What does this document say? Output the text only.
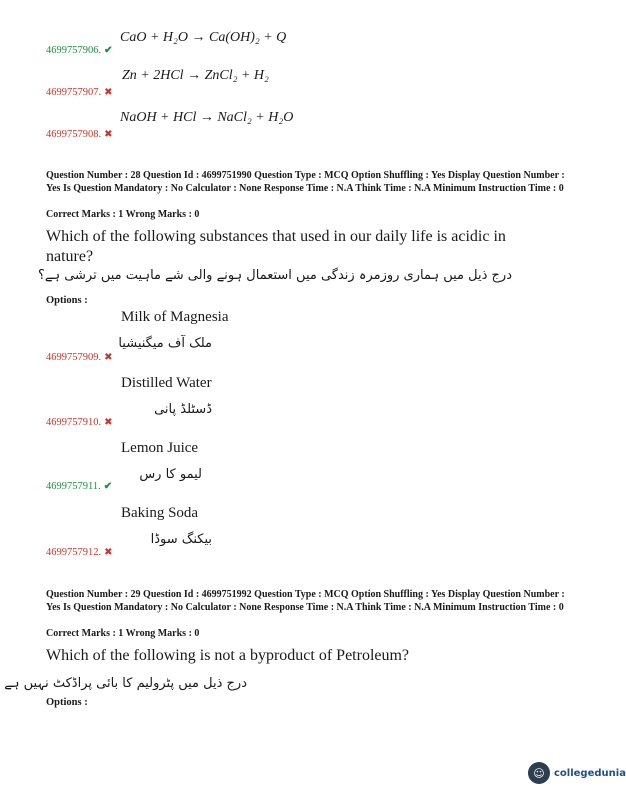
4699757906. ✔
CaO + H₂O → Ca(OH)₂ + Q
4699757907. ✖
Zn + 2HCl → ZnCl₂ + H₂
4699757908. ✖
NaOH + HCl → NaCl₂ + H₂O
Question Number : 28 Question Id : 4699751990 Question Type : MCQ Option Shuffling : Yes Display Question Number : Yes Is Question Mandatory : No Calculator : None Response Time : N.A Think Time : N.A Minimum Instruction Time : 0
Correct Marks : 1 Wrong Marks : 0
Which of the following substances that used in our daily life is acidic in nature?
درج ذیل میں ہماری روزمرہ زندگی میں استعمال ہونے والی شے ماہیت میں ترشی ہے؟
Options :
Milk of Magnesia
ملک آف میگنیشیا
4699757909. ✖
Distilled Water
ڈسٹلڈ پانی
4699757910. ✖
Lemon Juice
لیمو کا رس
4699757911. ✔
Baking Soda
بیکنگ سوڈا
4699757912. ✖
Question Number : 29 Question Id : 4699751992 Question Type : MCQ Option Shuffling : Yes Display Question Number : Yes Is Question Mandatory : No Calculator : None Response Time : N.A Think Time : N.A Minimum Instruction Time : 0
Correct Marks : 1 Wrong Marks : 0
Which of the following is not a byproduct of Petroleum?
درج ذیل میں پٹرولیم کا بائی پراڈکٹ نہیں ہے
Options :
☺ collegedunia
